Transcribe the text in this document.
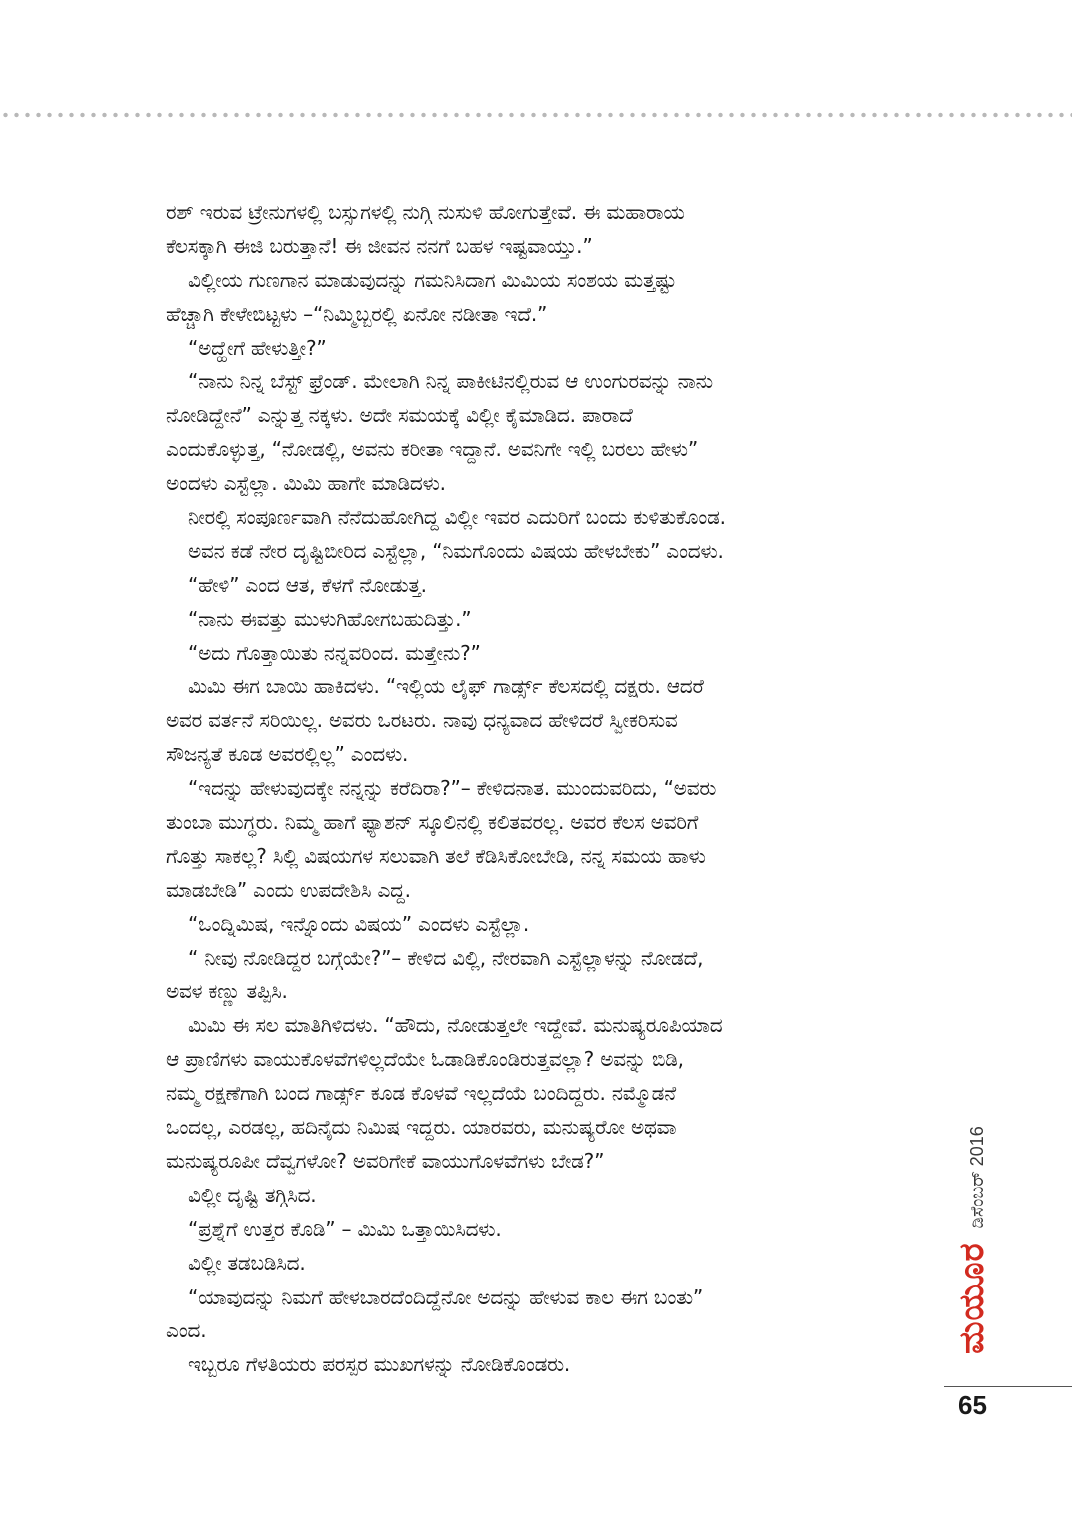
ರಶ್ ಇರುವ ಟ್ರೇನುಗಳಲ್ಲಿ ಬಸ್ಸುಗಳಲ್ಲಿ ನುಗ್ಗಿ ನುಸುಳಿ ಹೋಗುತ್ತೇವೆ. ಈ ಮಹಾರಾಯ
ಕೆಲಸಕ್ಕಾಗಿ ಈಜಿ ಬರುತ್ತಾನೆ! ಈ ಜೀವನ ನನಗೆ ಬಹಳ ಇಷ್ಟವಾಯ್ತು.”
ವಿಲ್ಲೀಯ ಗುಣಗಾನ ಮಾಡುವುದನ್ನು ಗಮನಿಸಿದಾಗ ಮಿಮಿಯ ಸಂಶಯ ಮತ್ತಷ್ಟು
ಹೆಚ್ಚಾಗಿ ಕೇಳೇಬಿಟ್ಟಳು –“ನಿಮ್ಮಿಬ್ಬರಲ್ಲಿ ಏನೋ ನಡೀತಾ ಇದೆ.”
“ಅದ್ಹೇಗೆ ಹೇಳುತ್ತೀ?”
“ನಾನು ನಿನ್ನ ಬೆಸ್ಟ್ ಫ್ರೆಂಡ್. ಮೇಲಾಗಿ ನಿನ್ನ ಪಾಕೀಟಿನಲ್ಲಿರುವ ಆ ಉಂಗುರವನ್ನು ನಾನು
ನೋಡಿದ್ದೇನೆ” ಎನ್ನುತ್ತ ನಕ್ಕಳು. ಅದೇ ಸಮಯಕ್ಕೆ ವಿಲ್ಲೀ ಕೈಮಾಡಿದ. ಪಾರಾದೆ
ಎಂದುಕೊಳ್ಳುತ್ತ, “ನೋಡಲ್ಲಿ, ಅವನು ಕರೀತಾ ಇದ್ದಾನೆ. ಅವನಿಗೇ ಇಲ್ಲಿ ಬರಲು ಹೇಳು”
ಅಂದಳು ಎಸ್ಟೆಲ್ಲಾ. ಮಿಮಿ ಹಾಗೇ ಮಾಡಿದಳು.
ನೀರಲ್ಲಿ ಸಂಪೂರ್ಣವಾಗಿ ನೆನೆದುಹೋಗಿದ್ದ ವಿಲ್ಲೀ ಇವರ ಎದುರಿಗೆ ಬಂದು ಕುಳಿತುಕೊಂಡ.
ಅವನ ಕಡೆ ನೇರ ದೃಷ್ಟಿಬೀರಿದ ಎಸ್ಟೆಲ್ಲಾ, “ನಿಮಗೊಂದು ವಿಷಯ ಹೇಳಬೇಕು” ಎಂದಳು.
“ಹೇಳಿ” ಎಂದ ಆತ, ಕೆಳಗೆ ನೋಡುತ್ತ.
“ನಾನು ಈವತ್ತು ಮುಳುಗಿಹೋಗಬಹುದಿತ್ತು.”
“ಅದು ಗೊತ್ತಾಯಿತು ನನ್ನವರಿಂದ. ಮತ್ತೇನು?”
ಮಿಮಿ ಈಗ ಬಾಯಿ ಹಾಕಿದಳು. “ಇಲ್ಲಿಯ ಲೈಫ್ ಗಾರ್ಡ್ಸ್ ಕೆಲಸದಲ್ಲಿ ದಕ್ಷರು. ಆದರೆ
ಅವರ ವರ್ತನೆ ಸರಿಯಿಲ್ಲ. ಅವರು ಒರಟರು. ನಾವು ಧನ್ಯವಾದ ಹೇಳಿದರೆ ಸ್ವೀಕರಿಸುವ
ಸೌಜನ್ಯತೆ ಕೂಡ ಅವರಲ್ಲಿಲ್ಲ” ಎಂದಳು.
“ಇದನ್ನು ಹೇಳುವುದಕ್ಕೇ ನನ್ನನ್ನು ಕರೆದಿರಾ?”– ಕೇಳಿದನಾತ. ಮುಂದುವರಿದು, “ಅವರು
ತುಂಬಾ ಮುಗ್ಧರು. ನಿಮ್ಮ ಹಾಗೆ ಫ್ಯಾಶನ್ ಸ್ಕೂಲಿನಲ್ಲಿ ಕಲಿತವರಲ್ಲ. ಅವರ ಕೆಲಸ ಅವರಿಗೆ
ಗೊತ್ತು ಸಾಕಲ್ಲ? ಸಿಲ್ಲಿ ವಿಷಯಗಳ ಸಲುವಾಗಿ ತಲೆ ಕೆಡಿಸಿಕೋಬೇಡಿ, ನನ್ನ ಸಮಯ ಹಾಳು
ಮಾಡಬೇಡಿ” ಎಂದು ಉಪದೇಶಿಸಿ ಎದ್ದ.
“ಒಂದ್ನಿಮಿಷ, ಇನ್ನೊಂದು ವಿಷಯ” ಎಂದಳು ಎಸ್ಟೆಲ್ಲಾ.
“ ನೀವು ನೋಡಿದ್ದರ ಬಗ್ಗೆಯೇ?”– ಕೇಳಿದ ವಿಲ್ಲಿ, ನೇರವಾಗಿ ಎಸ್ಟೆಲ್ಲಾಳನ್ನು ನೋಡದೆ,
ಅವಳ ಕಣ್ಣು ತಪ್ಪಿಸಿ.
ಮಿಮಿ ಈ ಸಲ ಮಾತಿಗಿಳಿದಳು. “ಹೌದು, ನೋಡುತ್ತಲೇ ಇದ್ದೇವೆ. ಮನುಷ್ಯರೂಪಿಯಾದ
ಆ ಪ್ರಾಣಿಗಳು ವಾಯುಕೊಳವೆಗಳಿಲ್ಲದೆಯೇ ಓಡಾಡಿಕೊಂಡಿರುತ್ತವಲ್ಲಾ? ಅವನ್ನು ಬಿಡಿ,
ನಮ್ಮ ರಕ್ಷಣೆಗಾಗಿ ಬಂದ ಗಾರ್ಡ್ಸ್ ಕೂಡ ಕೊಳವೆ ಇಲ್ಲದೆಯೆ ಬಂದಿದ್ದರು. ನಮ್ಮೊಡನೆ
ಒಂದಲ್ಲ, ಎರಡಲ್ಲ, ಹದಿನೈದು ನಿಮಿಷ ಇದ್ದರು. ಯಾರವರು, ಮನುಷ್ಯರೋ ಅಥವಾ
ಮನುಷ್ಯರೂಪೀ ದೆವ್ವಗಳೋ? ಅವರಿಗೇಕೆ ವಾಯುಗೊಳವೆಗಳು ಬೇಡ?”
ವಿಲ್ಲೀ ದೃಷ್ಟಿ ತಗ್ಗಿಸಿದ.
“ಪ್ರಶ್ನೆಗೆ ಉತ್ತರ ಕೊಡಿ” – ಮಿಮಿ ಒತ್ತಾಯಿಸಿದಳು.
ವಿಲ್ಲೀ ತಡಬಡಿಸಿದ.
“ಯಾವುದನ್ನು ನಿಮಗೆ ಹೇಳಬಾರದೆಂದಿದ್ದೆನೋ ಅದನ್ನು ಹೇಳುವ ಕಾಲ ಈಗ ಬಂತು”
ಎಂದ.
ಇಬ್ಬರೂ ಗೆಳತಿಯರು ಪರಸ್ಪರ ಮುಖಗಳನ್ನು ನೋಡಿಕೊಂಡರು.
ಮಯೂರ
ಡಿಸೆಂಬರ್ 2016
65
